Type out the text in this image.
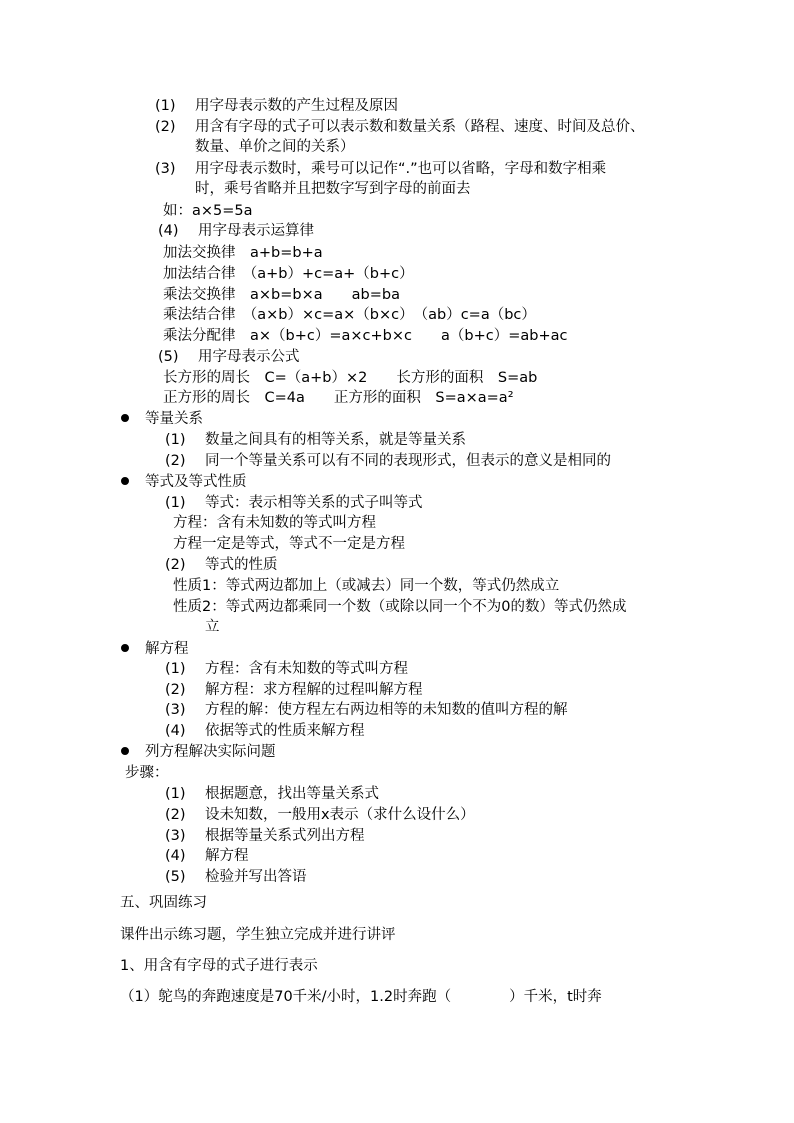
(1) 用字母表示数的产生过程及原因
(2) 用含有字母的式子可以表示数和数量关系（路程、速度、时间及总价、
数量、单价之间的关系）
(3) 用字母表示数时，乘号可以记作“.”也可以省略，字母和数字相乘
时，乘号省略并且把数字写到字母的前面去
如：a×5=5a
(4) 用字母表示运算律
加法交换律　a+b=b+a
加法结合律　（a+b）+c=a+（b+c）
乘法交换律　a×b=b×a　　ab=ba
乘法结合律　（a×b）×c=a×（b×c）　（ab）c=a（bc）
乘法分配律　a×（b+c）=a×c+b×c　　a（b+c）=ab+ac
(5) 用字母表示公式
长方形的周长　C=（a+b）×2　　长方形的面积　S=ab
正方形的周长　C=4a　　正方形的面积　S=a×a=a²
等量关系
(1) 数量之间具有的相等关系，就是等量关系
(2) 同一个等量关系可以有不同的表现形式，但表示的意义是相同的
等式及等式性质
(1) 等式：表示相等关系的式子叫等式
方程：含有未知数的等式叫方程
方程一定是等式，等式不一定是方程
(2) 等式的性质
性质1：等式两边都加上（或减去）同一个数，等式仍然成立
性质2：等式两边都乘同一个数（或除以同一个不为0的数）等式仍然成
立
解方程
(1) 方程：含有未知数的等式叫方程
(2) 解方程：求方程解的过程叫解方程
(3) 方程的解：使方程左右两边相等的未知数的值叫方程的解
(4) 依据等式的性质来解方程
列方程解决实际问题
步骤：
(1) 根据题意，找出等量关系式
(2) 设未知数，一般用x表示（求什么设什么）
(3) 根据等量关系式列出方程
(4) 解方程
(5) 检验并写出答语
五、巩固练习
课件出示练习题，学生独立完成并进行讲评
1、用含有字母的式子进行表示
（1）鸵鸟的奔跑速度是70千米/小时，1.2时奔跑（　　　　）千米，t时奔
